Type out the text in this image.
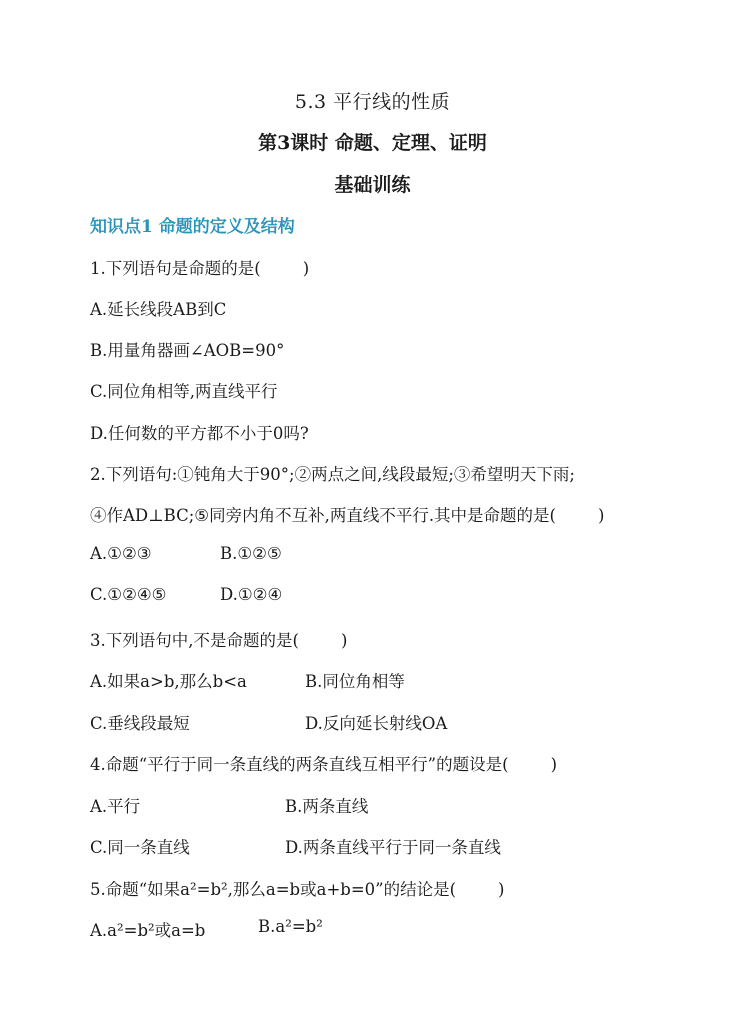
5.3 平行线的性质
第3课时 命题、定理、证明
基础训练
知识点1 命题的定义及结构
1.下列语句是命题的是(	)
A.延长线段AB到C
B.用量角器画∠AOB=90°
C.同位角相等,两直线平行
D.任何数的平方都不小于0吗?
2.下列语句:①钝角大于90°;②两点之间,线段最短;③希望明天下雨;
④作AD⊥BC;⑤同旁内角不互补,两直线不平行.其中是命题的是(	)
A.①②③	B.①②⑤
C.①②④⑤	D.①②④
3.下列语句中,不是命题的是(	)
A.如果a>b,那么b<a	B.同位角相等
C.垂线段最短	D.反向延长射线OA
4.命题“平行于同一条直线的两条直线互相平行”的题设是(	)
A.平行	B.两条直线
C.同一条直线	D.两条直线平行于同一条直线
5.命题“如果a²=b²,那么a=b或a+b=0”的结论是(	)
A.a²=b²或a=b	B.a²=b²
